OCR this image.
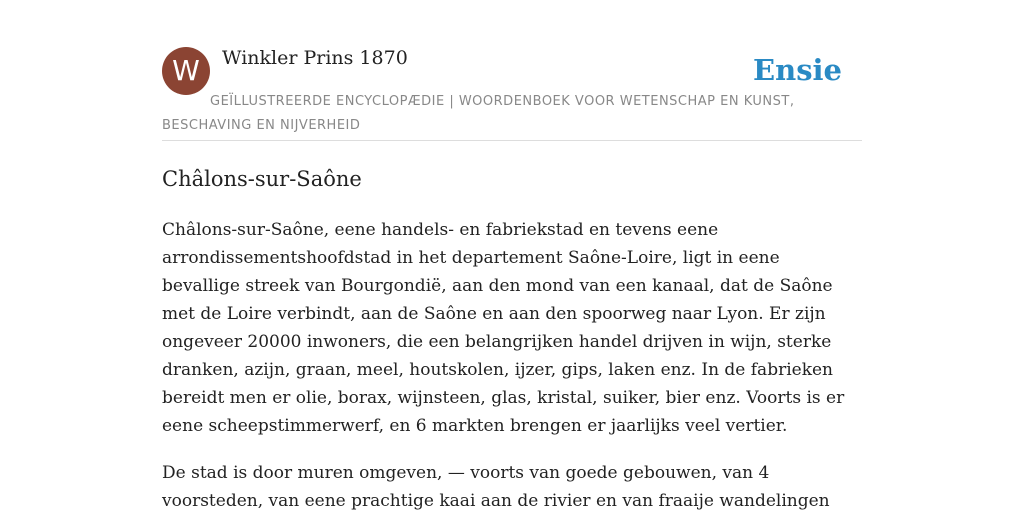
W	Winkler Prins 1870	Ensie
GEÏLLUSTREERDE ENCYCLOPÆDIE | WOORDENBOEK VOOR WETENSCHAP EN KUNST, BESCHAVING EN NIJVERHEID
Châlons-sur-Saône

Châlons-sur-Saône, eene handels- en fabriekstad en tevens eene arrondissementshoofdstad in het departement Saône-Loire, ligt in eene bevallige streek van Bourgondië, aan den mond van een kanaal, dat de Saône met de Loire verbindt, aan de Saône en aan den spoorweg naar Lyon. Er zijn ongeveer 20000 inwoners, die een belangrijken handel drijven in wijn, sterke dranken, azijn, graan, meel, houtskolen, ijzer, gips, laken enz. In de fabrieken bereidt men er olie, borax, wijnsteen, glas, kristal, suiker, bier enz. Voorts is er eene scheepstimmerwerf, en 6 markten brengen er jaarlijks veel vertier.

De stad is door muren omgeven, — voorts van goede gebouwen, van 4 voorsteden, van eene prachtige kaai aan de rivier en van fraaije wandelingen
